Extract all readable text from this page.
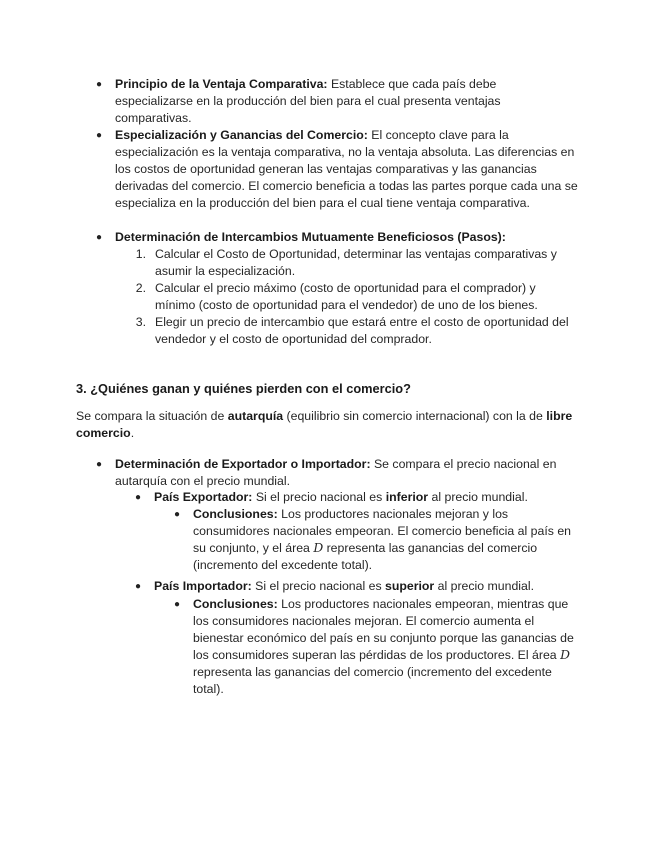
● Principio de la Ventaja Comparativa: Establece que cada país debe especializarse en la producción del bien para el cual presenta ventajas comparativas.
● Especialización y Ganancias del Comercio: El concepto clave para la especialización es la ventaja comparativa, no la ventaja absoluta. Las diferencias en los costos de oportunidad generan las ventajas comparativas y las ganancias derivadas del comercio. El comercio beneficia a todas las partes porque cada una se especializa en la producción del bien para el cual tiene ventaja comparativa.
● Determinación de Intercambios Mutuamente Beneficiosos (Pasos):
1. Calcular el Costo de Oportunidad, determinar las ventajas comparativas y asumir la especialización.
2. Calcular el precio máximo (costo de oportunidad para el comprador) y mínimo (costo de oportunidad para el vendedor) de uno de los bienes.
3. Elegir un precio de intercambio que estará entre el costo de oportunidad del vendedor y el costo de oportunidad del comprador.
3. ¿Quiénes ganan y quiénes pierden con el comercio?
Se compara la situación de autarquía (equilibrio sin comercio internacional) con la de libre comercio.
● Determinación de Exportador o Importador: Se compara el precio nacional en autarquía con el precio mundial.
● País Exportador: Si el precio nacional es inferior al precio mundial.
● Conclusiones: Los productores nacionales mejoran y los consumidores nacionales empeoran. El comercio beneficia al país en su conjunto, y el área D representa las ganancias del comercio (incremento del excedente total).
● País Importador: Si el precio nacional es superior al precio mundial.
● Conclusiones: Los productores nacionales empeoran, mientras que los consumidores nacionales mejoran. El comercio aumenta el bienestar económico del país en su conjunto porque las ganancias de los consumidores superan las pérdidas de los productores. El área D representa las ganancias del comercio (incremento del excedente total).
